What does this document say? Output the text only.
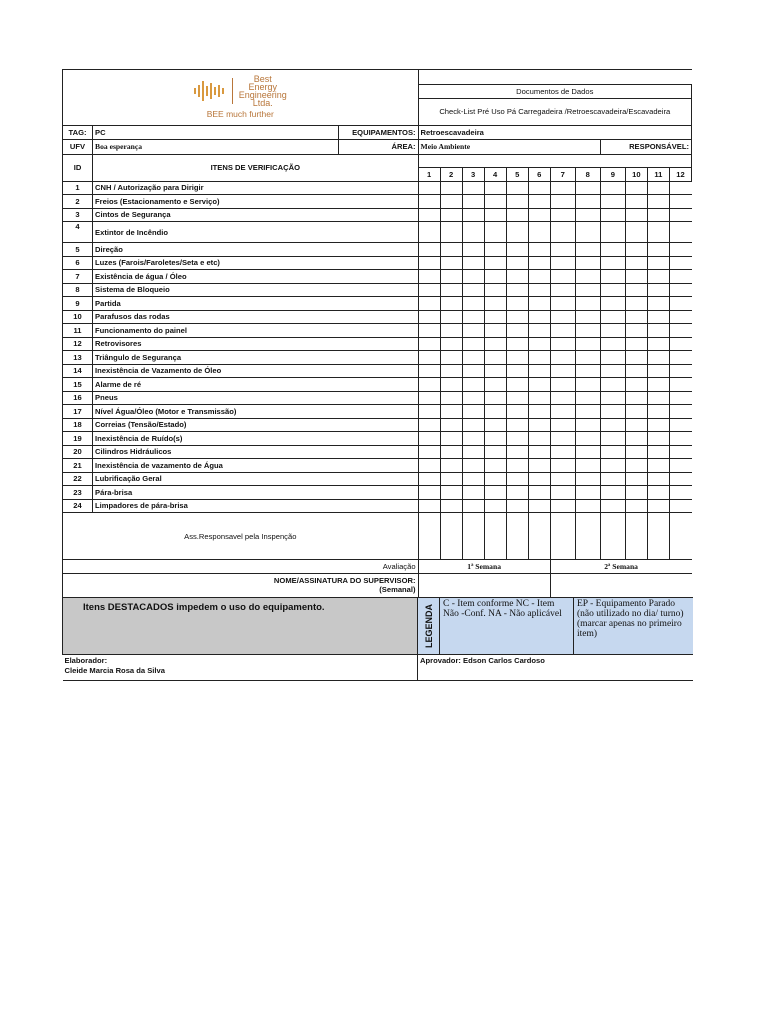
Best
Energy
Engineering
Ltda.
BEE much further														

			Documentos de Dados											
			Check-List Pré Uso Pá Carregadeira /Retroescavadeira/Escavadeira											
TAG:	PC	EQUIPAMENTOS:	Retroescavadeira											
UFV	Boa esperança	ÁREA:	Meio Ambiente								RESPONSÁVEL:			
ID	ITENS DE VERIFICAÇÃO													
			1	2	3	4	5	6	7	8	9	10	11	12
1	CNH / Autorização para Dirigir													
2	Freios (Estacionamento e Serviço)													
3	Cintos de Segurança													
4	Extintor de Incêndio													
5	Direção													
6	Luzes (Farois/Faroletes/Seta e etc)													
7	Existência de água / Óleo													
8	Sistema de Bloqueio													
9	Partida													
10	Parafusos das rodas													
11	Funcionamento do painel													
12	Retrovisores													
13	Triângulo de Segurança													
14	Inexistência de Vazamento de Óleo													
15	Alarme de ré													
16	Pneus													
17	Nível Água/Óleo (Motor e Transmissão)													
18	Correias (Tensão/Estado)													
19	Inexistência de Ruído(s)													
20	Cilindros Hidráulicos													
21	Inexistência de vazamento de Água													
22	Lubrificação Geral													
23	Pára-brisa													
24	Limpadores de pára-brisa													
Ass.Responsavel pela Inspenção														
Avaliação			1ª Semana						2ª Semana					
NOME/ASSINATURA DO SUPERVISOR:
(Semanal)														
Itens DESTACADOS impedem o uso do equipamento.	LEGENDA	C - Item conforme NC - Item Não -Conf. NA - Não aplicável	EP - Equipamento Parado (não utilizado no dia/ turno) (marcar apenas no primeiro item)
Elaborador:
Cleide Marcia Rosa da Silva	Aprovador: Edson Carlos Cardoso		
